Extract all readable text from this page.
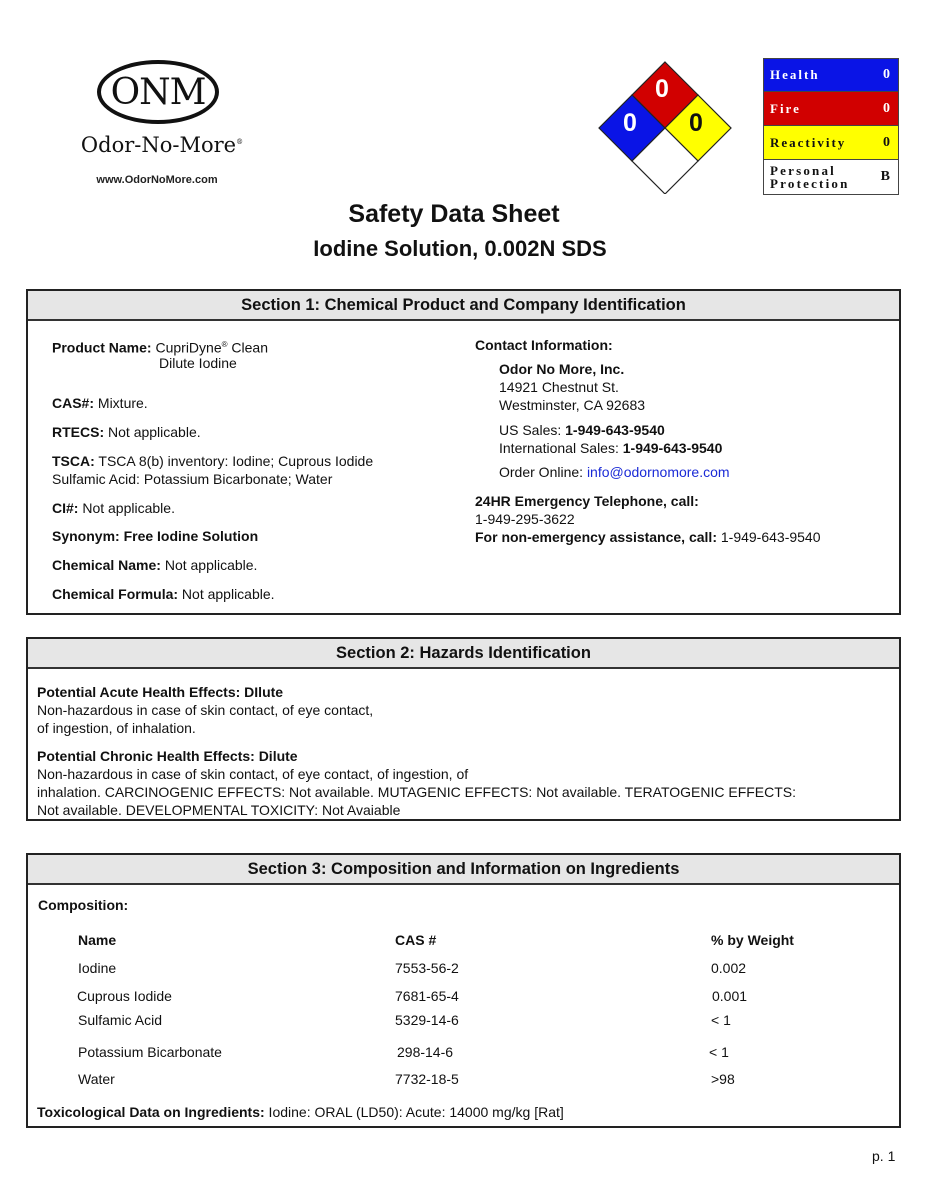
ONM
Odor-No-More®
www.OdorNoMore.com
0
0 0
Health	0
Fire	0
Reactivity	0
Personal
Protection B
Safety Data Sheet
Iodine Solution, 0.002N SDS
Section 1: Chemical Product and Company Identification
Product Name: CupriDyne® Clean
Dilute Iodine
CAS#: Mixture.
RTECS: Not applicable.
TSCA: TSCA 8(b) inventory: Iodine; Cuprous Iodide
Sulfamic Acid: Potassium Bicarbonate; Water
CI#: Not applicable.
Synonym: Free Iodine Solution
Chemical Name: Not applicable.
Chemical Formula: Not applicable.
Contact Information:
Odor No More, Inc.
14921 Chestnut St.
Westminster, CA 92683
US Sales: 1-949-643-9540
International Sales: 1-949-643-9540
Order Online: info@odornomore.com
24HR Emergency Telephone, call:
1-949-295-3622
For non-emergency assistance, call: 1-949-643-9540
Section 2: Hazards Identification
Potential Acute Health Effects: DIlute
Non-hazardous in case of skin contact, of eye contact,
of ingestion, of inhalation.
Potential Chronic Health Effects: Dilute
Non-hazardous in case of skin contact, of eye contact, of ingestion, of
inhalation. CARCINOGENIC EFFECTS: Not available. MUTAGENIC EFFECTS: Not available. TERATOGENIC EFFECTS:
Not available. DEVELOPMENTAL TOXICITY: Not Avaiable
Section 3: Composition and Information on Ingredients
Composition:
Name	CAS #	% by Weight
Iodine	7553-56-2	0.002
Cuprous Iodide	7681-65-4	0.001
Sulfamic Acid	5329-14-6	< 1
Potassium Bicarbonate	298-14-6	< 1
Water	7732-18-5	>98
Toxicological Data on Ingredients: Iodine: ORAL (LD50): Acute: 14000 mg/kg [Rat]
p. 1
